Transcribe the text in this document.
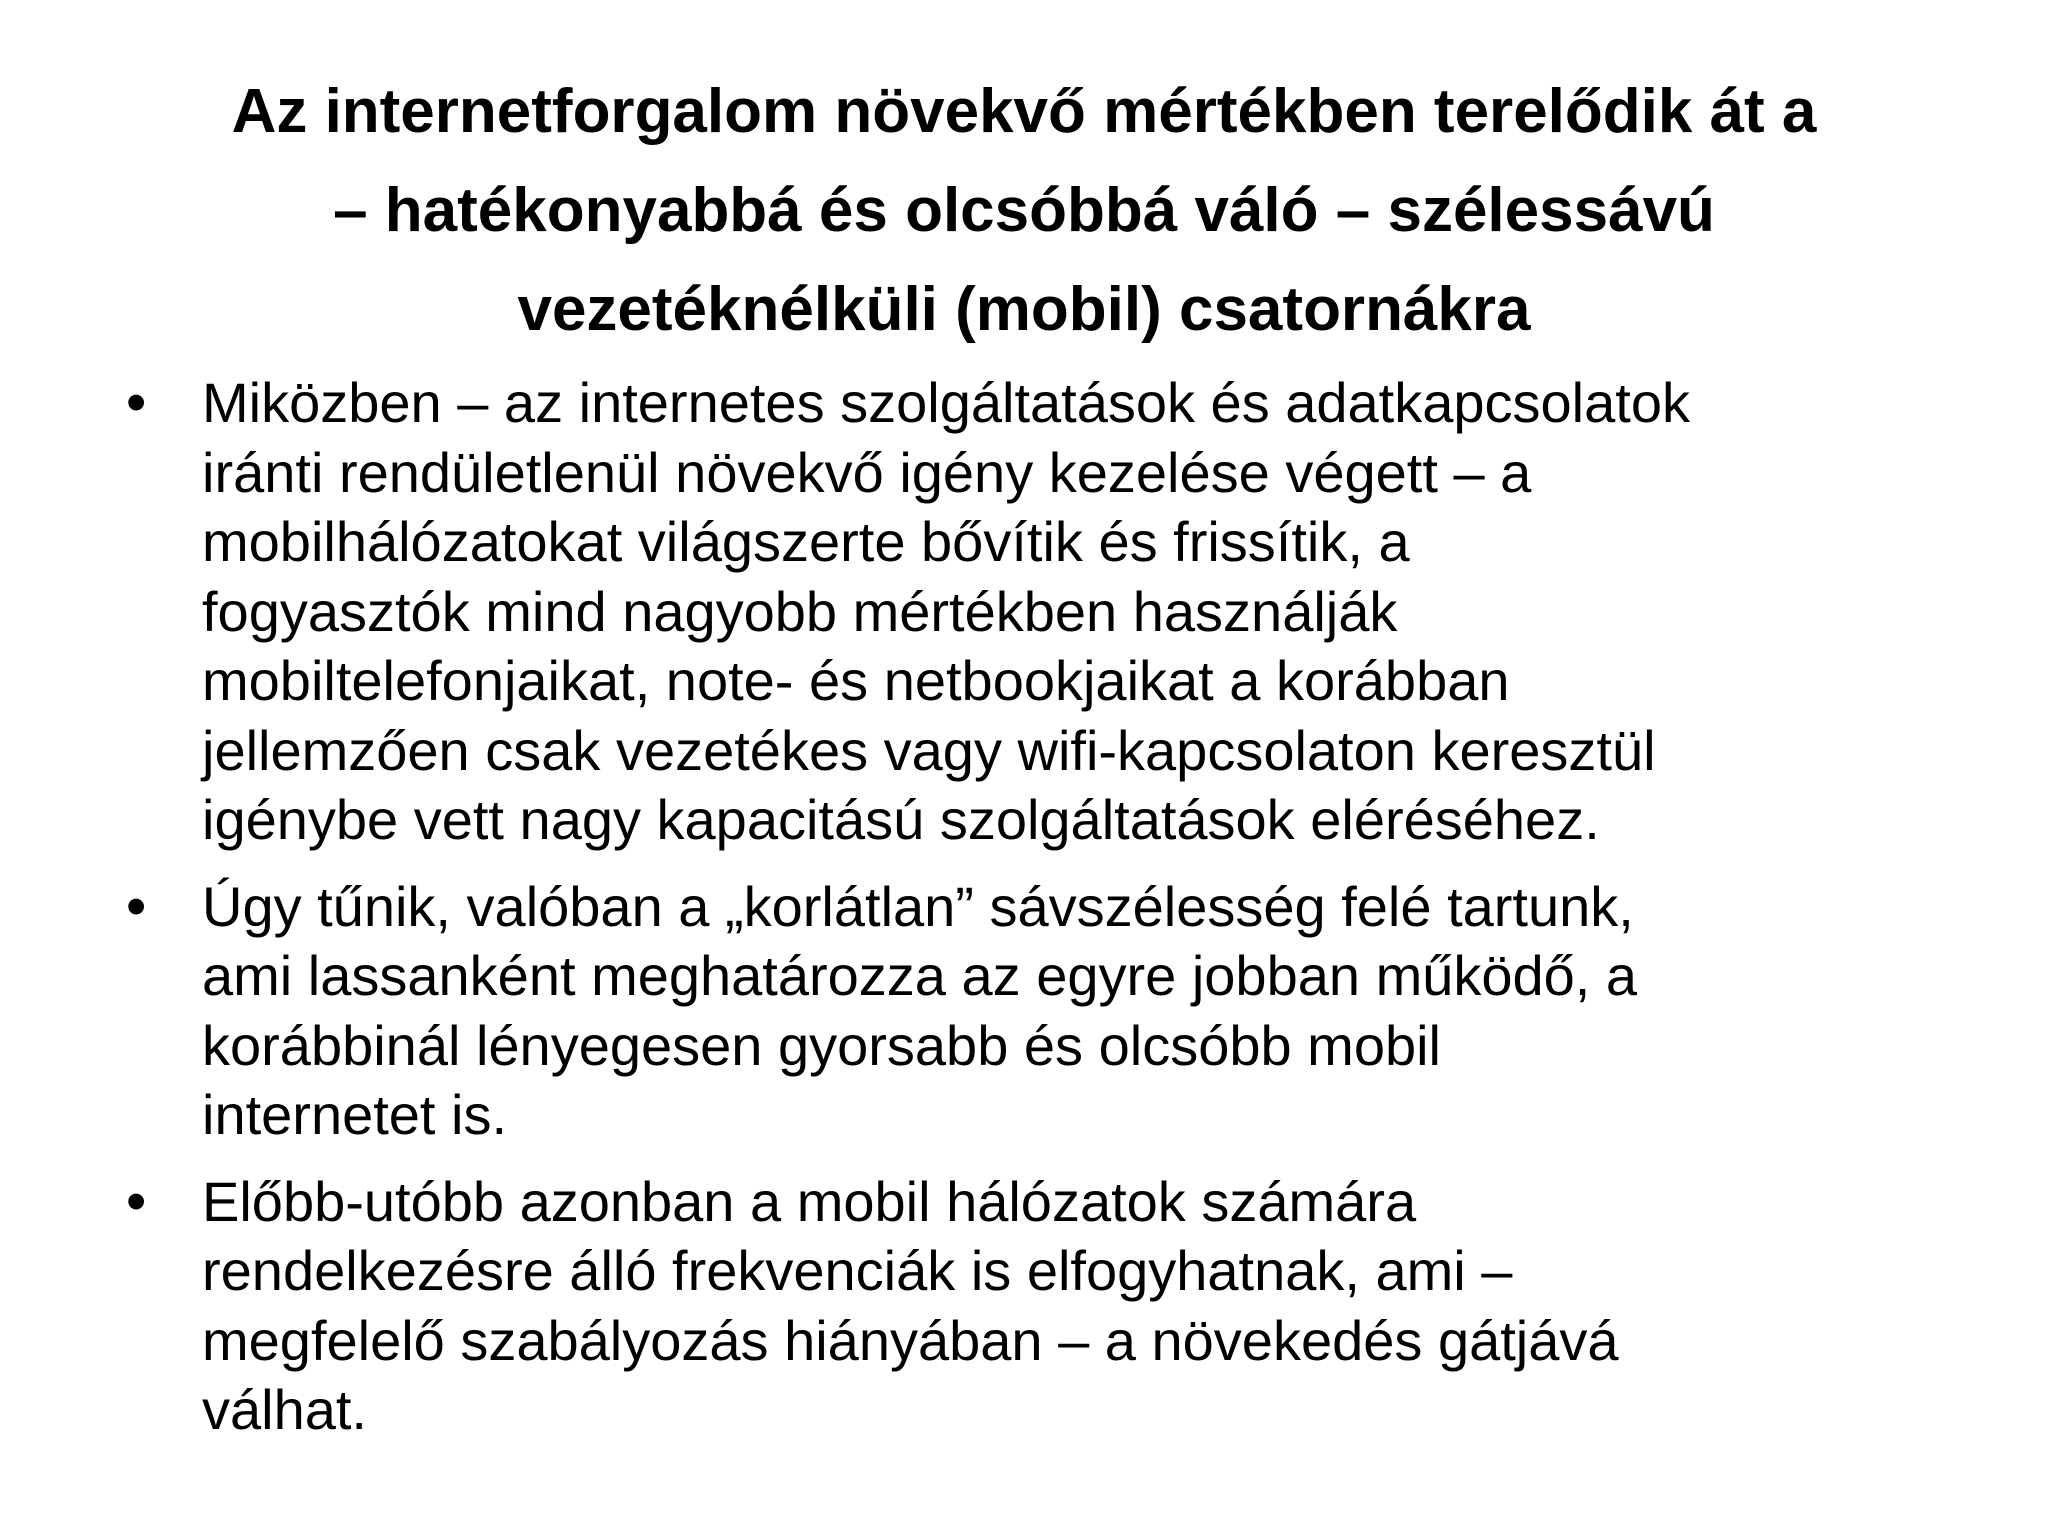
Az internetforgalom növekvő mértékben terelődik át a
– hatékonyabbá és olcsóbbá váló – szélessávú
vezetéknélküli (mobil) csatornákra
• Miközben – az internetes szolgáltatások és adatkapcsolatok
iránti rendületlenül növekvő igény kezelése végett – a
mobilhálózatokat világszerte bővítik és frissítik, a
fogyasztók mind nagyobb mértékben használják
mobiltelefonjaikat, note- és netbookjaikat a korábban
jellemzően csak vezetékes vagy wifi-kapcsolaton keresztül
igénybe vett nagy kapacitású szolgáltatások eléréséhez.
• Úgy tűnik, valóban a „korlátlan” sávszélesség felé tartunk,
ami lassanként meghatározza az egyre jobban működő, a
korábbinál lényegesen gyorsabb és olcsóbb mobil
internetet is.
• Előbb-utóbb azonban a mobil hálózatok számára
rendelkezésre álló frekvenciák is elfogyhatnak, ami –
megfelelő szabályozás hiányában – a növekedés gátjává
válhat.
